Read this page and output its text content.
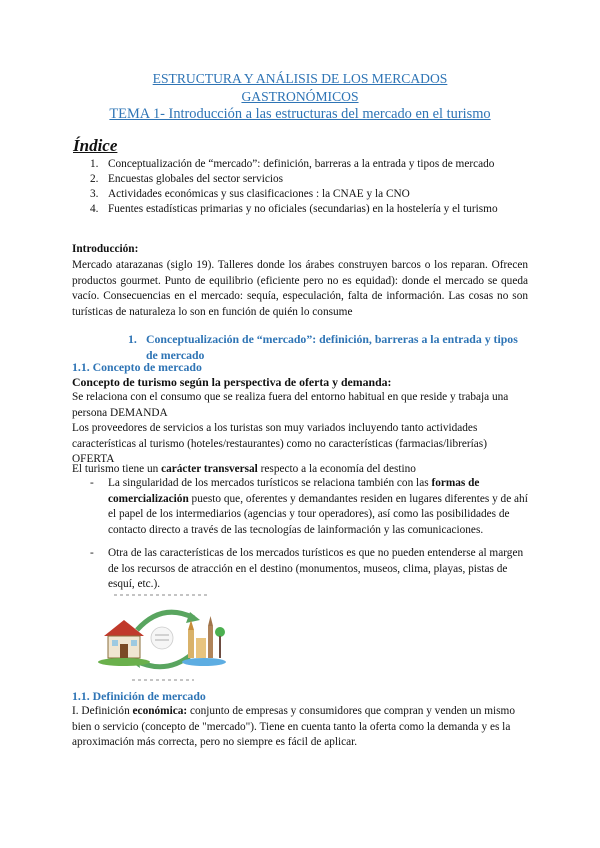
ESTRUCTURA Y ANÁLISIS DE LOS MERCADOS
GASTRONÓMICOS
TEMA 1- Introducción a las estructuras del mercado en el turismo
Índice
1. Conceptualización de “mercado”: definición, barreras a la entrada y tipos de mercado
2. Encuestas globales del sector servicios
3. Actividades económicas y sus clasificaciones : la CNAE y la CNO
4. Fuentes estadísticas primarias y no oficiales (secundarias) en la hostelería y el turismo
Introducción:
Mercado atarazanas (siglo 19). Talleres donde los árabes construyen barcos o los reparan. Ofrecen productos gourmet. Punto de equilibrio (eficiente pero no es equidad): donde el mercado se queda vacío. Consecuencias en el mercado: sequía, especulación, falta de información. Las cosas no son turísticas de naturaleza lo son en función de quién lo consume
1. Conceptualización de “mercado”: definición, barreras a la entrada y tipos de mercado
1.1. Concepto de mercado
Concepto de turismo según la perspectiva de oferta y demanda:
Se relaciona con el consumo que se realiza fuera del entorno habitual en que reside y trabaja una persona DEMANDA
Los proveedores de servicios a los turistas son muy variados incluyendo tanto actividades características al turismo (hoteles/restaurantes) como no características (farmacias/librerías) OFERTA
El turismo tiene un carácter transversal respecto a la economía del destino
- La singularidad de los mercados turísticos se relaciona también con las formas de comercialización puesto que, oferentes y demandantes residen en lugares diferentes y de ahí el papel de los intermediarios (agencias y tour operadores), así como las posibilidades de contacto directo a través de las tecnologías de lainformación y las comunicaciones.
- Otra de las características de los mercados turísticos es que no pueden entenderse al margen de los recursos de atracción en el destino (monumentos, museos, clima, playas, pistas de esquí, etc.).
1.1. Definición de mercado
I. Definición económica: conjunto de empresas y consumidores que compran y venden un mismo bien o servicio (concepto de "mercado"). Tiene en cuenta tanto la oferta como la demanda y es la aproximación más correcta, pero no siempre es fácil de aplicar.
